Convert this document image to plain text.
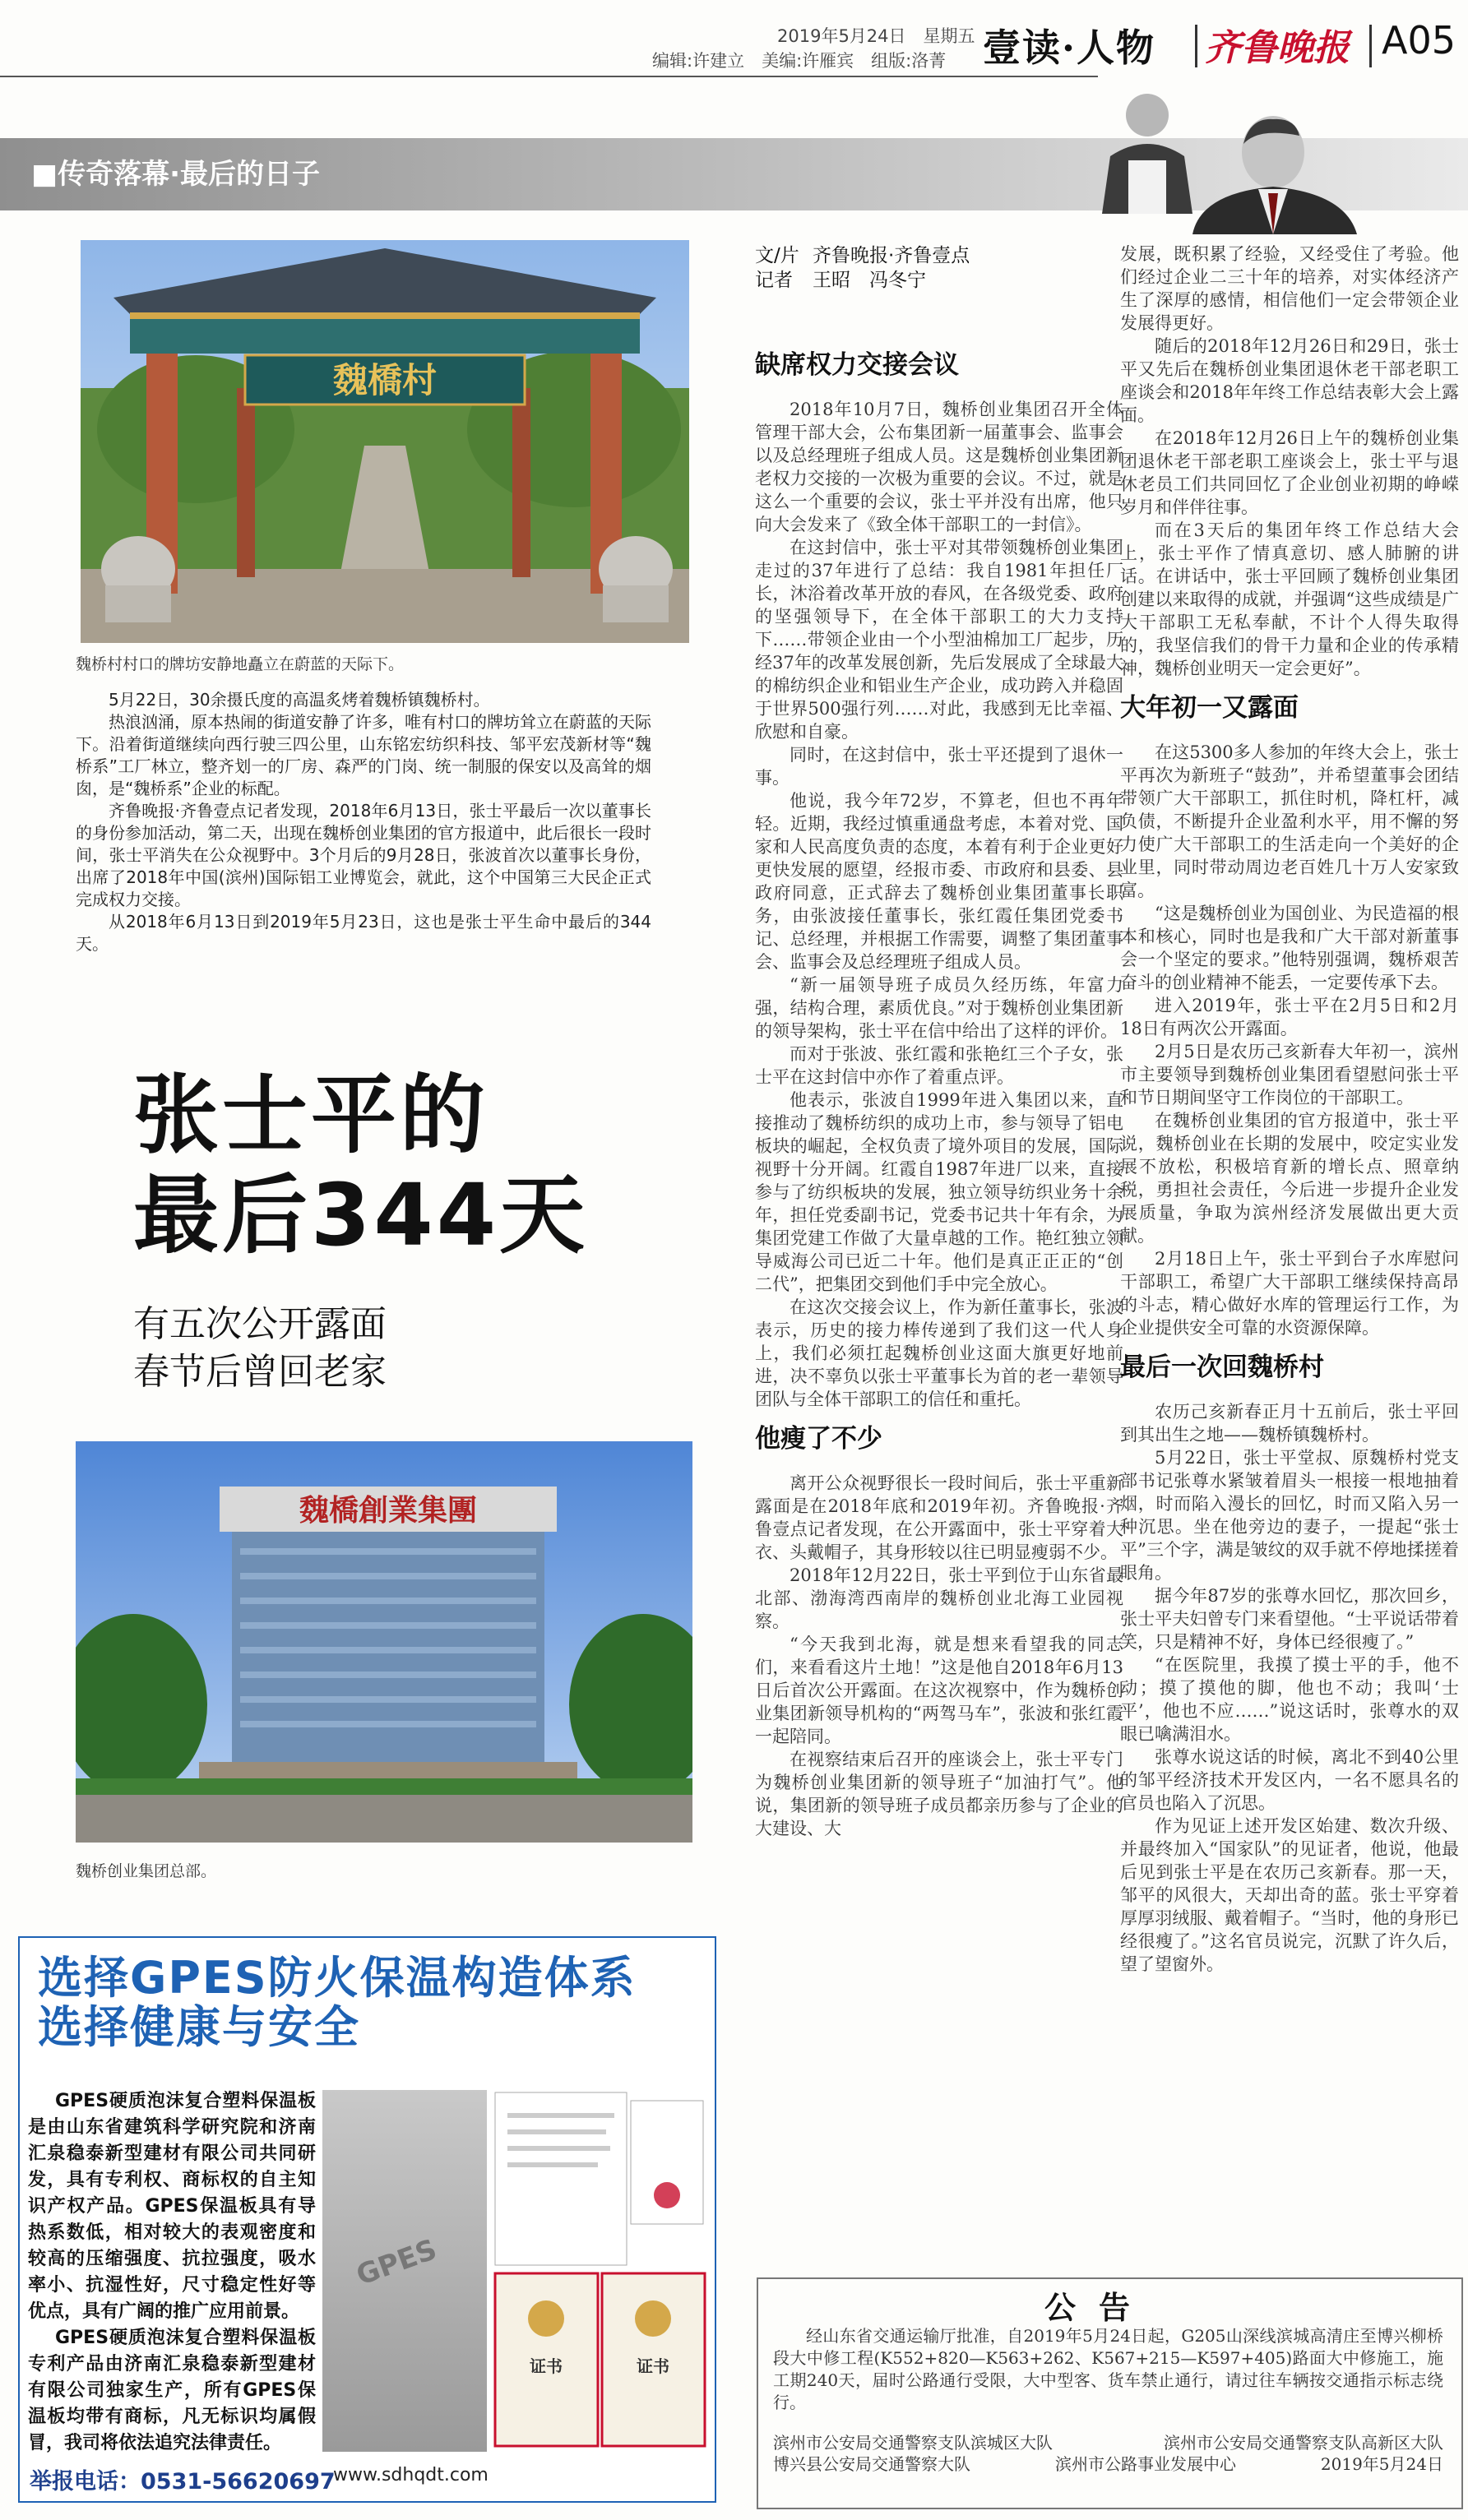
2019年5月24日　星期五
编辑:许建立　美编:许雁宾　组版:洛菁 壹读·人物 齐鲁晚报 A05
■传奇落幕·最后的日子
魏橋村
魏桥村村口的牌坊安静地矗立在蔚蓝的天际下。

5月22日，30余摄氏度的高温炙烤着魏桥镇魏桥村。

热浪汹涌，原本热闹的街道安静了许多，唯有村口的牌坊耸立在蔚蓝的天际下。沿着街道继续向西行驶三四公里，山东铭宏纺织科技、邹平宏茂新材等“魏桥系”工厂林立，整齐划一的厂房、森严的门岗、统一制服的保安以及高耸的烟囱，是“魏桥系”企业的标配。

齐鲁晚报·齐鲁壹点记者发现，2018年6月13日，张士平最后一次以董事长的身份参加活动，第二天，出现在魏桥创业集团的官方报道中，此后很长一段时间，张士平消失在公众视野中。3个月后的9月28日，张波首次以董事长身份，出席了2018年中国(滨州)国际铝工业博览会，就此，这个中国第三大民企正式完成权力交接。

从2018年6月13日到2019年5月23日，这也是张士平生命中最后的344天。

张士平的
最后344天
有五次公开露面
春节后曾回老家
魏橋創業集團
魏桥创业集团总部。
选择GPES防火保温构造体系
选择健康与安全

GPES硬质泡沫复合塑料保温板是由山东省建筑科学研究院和济南汇泉稳泰新型建材有限公司共同研发，具有专利权、商标权的自主知识产权产品。GPES保温板具有导热系数低，相对较大的表观密度和较高的压缩强度、抗拉强度，吸水率小、抗湿性好，尺寸稳定性好等优点，具有广阔的推广应用前景。

GPES硬质泡沫复合塑料保温板专利产品由济南汇泉稳泰新型建材有限公司独家生产，所有GPES保温板均带有商标，凡无标识均属假冒，我司将依法追究法律责任。

GPES
证书	证书
举报电话：0531-56620697
www.sdhqdt.com
文/片 齐鲁晚报·齐鲁壹点
记者 王昭　冯冬宁
缺席权力交接会议

2018年10月7日，魏桥创业集团召开全体管理干部大会，公布集团新一届董事会、监事会以及总经理班子组成人员。这是魏桥创业集团新老权力交接的一次极为重要的会议。不过，就是这么一个重要的会议，张士平并没有出席，他只向大会发来了《致全体干部职工的一封信》。

在这封信中，张士平对其带领魏桥创业集团走过的37年进行了总结：我自1981年担任厂长，沐浴着改革开放的春风，在各级党委、政府的坚强领导下，在全体干部职工的大力支持下……带领企业由一个小型油棉加工厂起步，历经37年的改革发展创新，先后发展成了全球最大的棉纺织企业和铝业生产企业，成功跨入并稳固于世界500强行列……对此，我感到无比幸福、欣慰和自豪。

同时，在这封信中，张士平还提到了退休一事。

他说，我今年72岁，不算老，但也不再年轻。近期，我经过慎重通盘考虑，本着对党、国家和人民高度负责的态度，本着有利于企业更好更快发展的愿望，经报市委、市政府和县委、县政府同意，正式辞去了魏桥创业集团董事长职务，由张波接任董事长，张红霞任集团党委书记、总经理，并根据工作需要，调整了集团董事会、监事会及总经理班子组成人员。

“新一届领导班子成员久经历练，年富力强，结构合理，素质优良。”对于魏桥创业集团新的领导架构，张士平在信中给出了这样的评价。

而对于张波、张红霞和张艳红三个子女，张士平在这封信中亦作了着重点评。

他表示，张波自1999年进入集团以来，直接推动了魏桥纺织的成功上市，参与领导了铝电板块的崛起，全权负责了境外项目的发展，国际视野十分开阔。红霞自1987年进厂以来，直接参与了纺织板块的发展，独立领导纺织业务十余年，担任党委副书记，党委书记共十年有余，为集团党建工作做了大量卓越的工作。艳红独立领导威海公司已近二十年。他们是真正正正的“创二代”，把集团交到他们手中完全放心。

在这次交接会议上，作为新任董事长，张波表示，历史的接力棒传递到了我们这一代人身上，我们必须扛起魏桥创业这面大旗更好地前进，决不辜负以张士平董事长为首的老一辈领导团队与全体干部职工的信任和重托。

他瘦了不少

离开公众视野很长一段时间后，张士平重新露面是在2018年底和2019年初。齐鲁晚报·齐鲁壹点记者发现，在公开露面中，张士平穿着大衣、头戴帽子，其身形较以往已明显瘦弱不少。

2018年12月22日，张士平到位于山东省最北部、渤海湾西南岸的魏桥创业北海工业园视察。

“今天我到北海，就是想来看望我的同志们，来看看这片土地！”这是他自2018年6月13日后首次公开露面。在这次视察中，作为魏桥创业集团新领导机构的“两驾马车”，张波和张红霞一起陪同。

在视察结束后召开的座谈会上，张士平专门为魏桥创业集团新的领导班子“加油打气”。他说，集团新的领导班子成员都亲历参与了企业的大建设、大

发展，既积累了经验，又经受住了考验。他们经过企业二三十年的培养，对实体经济产生了深厚的感情，相信他们一定会带领企业发展得更好。

随后的2018年12月26日和29日，张士平又先后在魏桥创业集团退休老干部老职工座谈会和2018年年终工作总结表彰大会上露面。

在2018年12月26日上午的魏桥创业集团退休老干部老职工座谈会上，张士平与退休老员工们共同回忆了企业创业初期的峥嵘岁月和伴伴往事。

而在3天后的集团年终工作总结大会上，张士平作了情真意切、感人肺腑的讲话。在讲话中，张士平回顾了魏桥创业集团创建以来取得的成就，并强调“这些成绩是广大干部职工无私奉献，不计个人得失取得的，我坚信我们的骨干力量和企业的传承精神，魏桥创业明天一定会更好”。

大年初一又露面

在这5300多人参加的年终大会上，张士平再次为新班子“鼓劲”，并希望董事会团结带领广大干部职工，抓住时机，降杠杆，减负债，不断提升企业盈利水平，用不懈的努力使广大干部职工的生活走向一个美好的企业里，同时带动周边老百姓几十万人安家致富。

“这是魏桥创业为国创业、为民造福的根本和核心，同时也是我和广大干部对新董事会一个坚定的要求。”他特别强调，魏桥艰苦奋斗的创业精神不能丢，一定要传承下去。

进入2019年，张士平在2月5日和2月18日有两次公开露面。

2月5日是农历己亥新春大年初一，滨州市主要领导到魏桥创业集团看望慰问张士平和节日期间坚守工作岗位的干部职工。

在魏桥创业集团的官方报道中，张士平说，魏桥创业在长期的发展中，咬定实业发展不放松，积极培育新的增长点、照章纳税，勇担社会责任，今后进一步提升企业发展质量，争取为滨州经济发展做出更大贡献。

2月18日上午，张士平到台子水库慰问干部职工，希望广大干部职工继续保持高昂的斗志，精心做好水库的管理运行工作，为企业提供安全可靠的水资源保障。

最后一次回魏桥村

农历己亥新春正月十五前后，张士平回到其出生之地——魏桥镇魏桥村。

5月22日，张士平堂叔、原魏桥村党支部书记张尊水紧皱着眉头一根接一根地抽着烟，时而陷入漫长的回忆，时而又陷入另一种沉思。坐在他旁边的妻子，一提起“张士平”三个字，满是皱纹的双手就不停地揉搓着眼角。

据今年87岁的张尊水回忆，那次回乡，张士平夫妇曾专门来看望他。“士平说话带着笑，只是精神不好，身体已经很瘦了。”

“在医院里，我摸了摸士平的手，他不动；摸了摸他的脚，他也不动；我叫‘士平’，他也不应……”说这话时，张尊水的双眼已噙满泪水。

张尊水说这话的时候，离北不到40公里的邹平经济技术开发区内，一名不愿具名的官员也陷入了沉思。

作为见证上述开发区始建、数次升级、并最终加入“国家队”的见证者，他说，他最后见到张士平是在农历己亥新春。那一天，邹平的风很大，天却出奇的蓝。张士平穿着厚厚羽绒服、戴着帽子。“当时，他的身形已经很瘦了。”这名官员说完，沉默了许久后，望了望窗外。

公告
经山东省交通运输厅批准，自2019年5月24日起，G205山深线滨城高清庄至博兴柳桥段大中修工程(K552+820—K563+262、K567+215—K597+405)路面大中修施工，施工期240天，届时公路通行受限，大中型客、货车禁止通行，请过往车辆按交通指示标志绕行。
滨州市公安局交通警察支队滨城区大队	滨州市公安局交通警察支队高新区大队
博兴县公安局交通警察大队	滨州市公路事业发展中心	2019年5月24日
